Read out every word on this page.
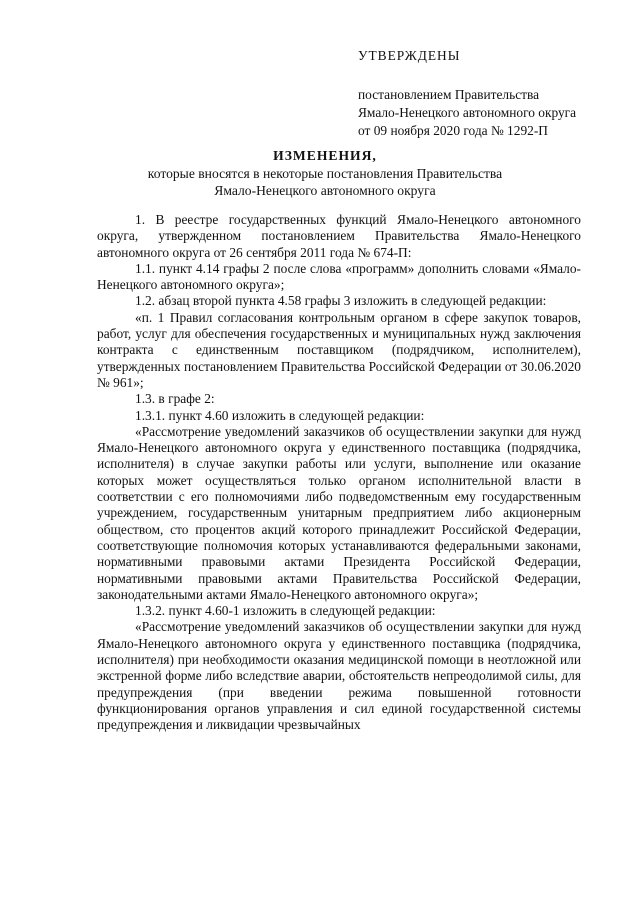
УТВЕРЖДЕНЫ
постановлением Правительства
Ямало-Ненецкого автономного округа
от 09 ноября 2020 года № 1292-П
ИЗМЕНЕНИЯ,
которые вносятся в некоторые постановления Правительства
Ямало-Ненецкого автономного округа

1. В реестре государственных функций Ямало-Ненецкого автономного округа, утвержденном постановлением Правительства Ямало-Ненецкого автономного округа от 26 сентября 2011 года № 674-П:

1.1. пункт 4.14 графы 2 после слова «программ» дополнить словами «Ямало-Ненецкого автономного округа»;

1.2. абзац второй пункта 4.58 графы 3 изложить в следующей редакции:

«п. 1 Правил согласования контрольным органом в сфере закупок товаров, работ, услуг для обеспечения государственных и муниципальных нужд заключения контракта с единственным поставщиком (подрядчиком, исполнителем), утвержденных постановлением Правительства Российской Федерации от 30.06.2020 № 961»;

1.3. в графе 2:

1.3.1. пункт 4.60 изложить в следующей редакции:

«Рассмотрение уведомлений заказчиков об осуществлении закупки для нужд Ямало-Ненецкого автономного округа у единственного поставщика (подрядчика, исполнителя) в случае закупки работы или услуги, выполнение или оказание которых может осуществляться только органом исполнительной власти в соответствии с его полномочиями либо подведомственным ему государственным учреждением, государственным унитарным предприятием либо акционерным обществом, сто процентов акций которого принадлежит Российской Федерации, соответствующие полномочия которых устанавливаются федеральными законами, нормативными правовыми актами Президента Российской Федерации, нормативными правовыми актами Правительства Российской Федерации, законодательными актами Ямало-Ненецкого автономного округа»;

1.3.2. пункт 4.60-1 изложить в следующей редакции:

«Рассмотрение уведомлений заказчиков об осуществлении закупки для нужд Ямало-Ненецкого автономного округа у единственного поставщика (подрядчика, исполнителя) при необходимости оказания медицинской помощи в неотложной или экстренной форме либо вследствие аварии, обстоятельств непреодолимой силы, для предупреждения (при введении режима повышенной готовности функционирования органов управления и сил единой государственной системы предупреждения и ликвидации чрезвычайных
